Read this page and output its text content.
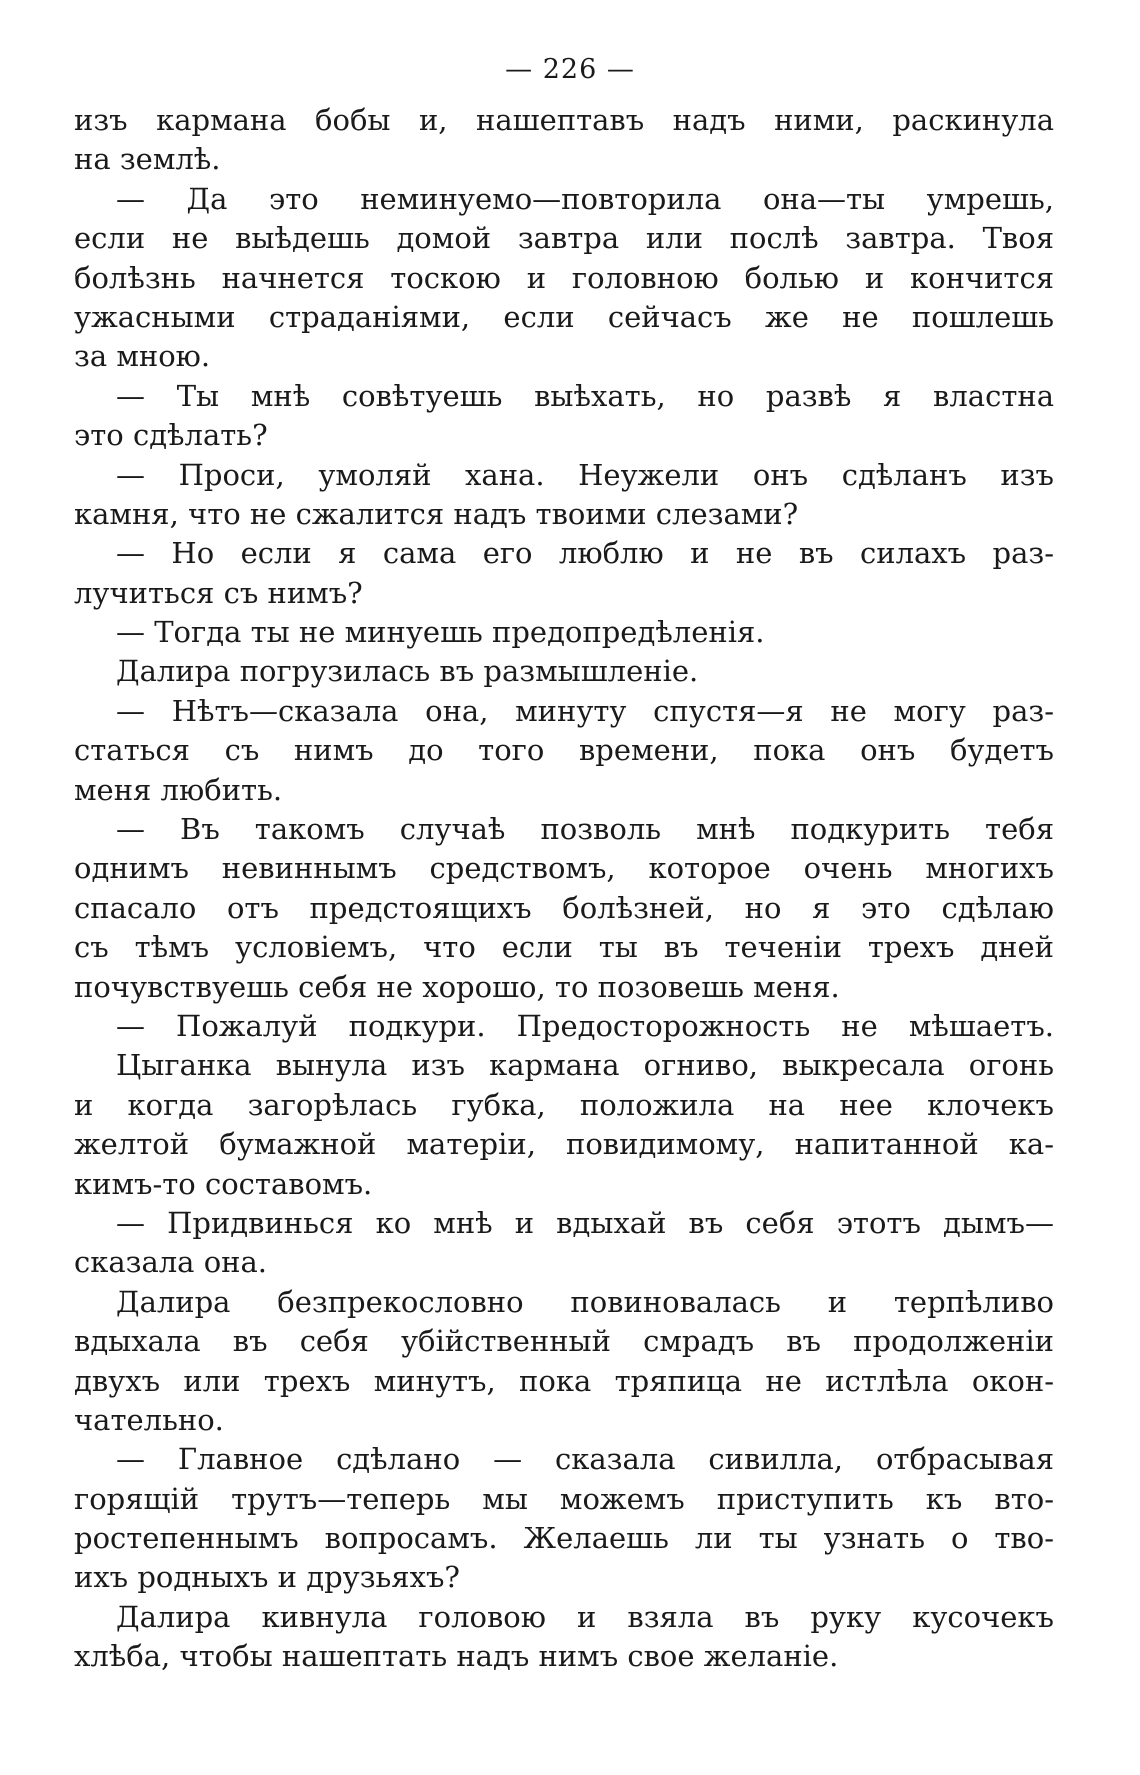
— 226 —
изъ кармана бобы и, нашептавъ надъ ними, раскинула
на землѣ.
— Да это неминуемо—повторила она—ты умрешь,
если не выѣдешь домой завтра или послѣ завтра. Твоя
болѣзнь начнется тоскою и головною болью и кончится
ужасными страданіями, если сейчасъ же не пошлешь
за мною.
— Ты мнѣ совѣтуешь выѣхать, но развѣ я властна
это сдѣлать?
— Проси, умоляй хана. Неужели онъ сдѣланъ изъ
камня, что не сжалится надъ твоими слезами?
— Но если я сама его люблю и не въ силахъ раз-
лучиться съ нимъ?
— Тогда ты не минуешь предопредѣленія.
Далира погрузилась въ размышленіе.
— Нѣтъ—сказала она, минуту спустя—я не могу раз-
статься съ нимъ до того времени, пока онъ будетъ
меня любить.
— Въ такомъ случаѣ позволь мнѣ подкурить тебя
однимъ невиннымъ средствомъ, которое очень многихъ
спасало отъ предстоящихъ болѣзней, но я это сдѣлаю
съ тѣмъ условіемъ, что если ты въ теченіи трехъ дней
почувствуешь себя не хорошо, то позовешь меня.
— Пожалуй подкури. Предосторожность не мѣшаетъ.
Цыганка вынула изъ кармана огниво, выкресала огонь
и когда загорѣлась губка, положила на нее клочекъ
желтой бумажной матеріи, повидимому, напитанной ка-
кимъ-то составомъ.
— Придвинься ко мнѣ и вдыхай въ себя этотъ дымъ—
сказала она.
Далира безпрекословно повиновалась и терпѣливо
вдыхала въ себя убійственный смрадъ въ продолженіи
двухъ или трехъ минутъ, пока тряпица не истлѣла окон-
чательно.
— Главное сдѣлано — сказала сивилла, отбрасывая
горящій трутъ—теперь мы можемъ приступить къ вто-
ростепеннымъ вопросамъ. Желаешь ли ты узнать о тво-
ихъ родныхъ и друзьяхъ?
Далира кивнула головою и взяла въ руку кусочекъ
хлѣба, чтобы нашептать надъ нимъ свое желаніе.
